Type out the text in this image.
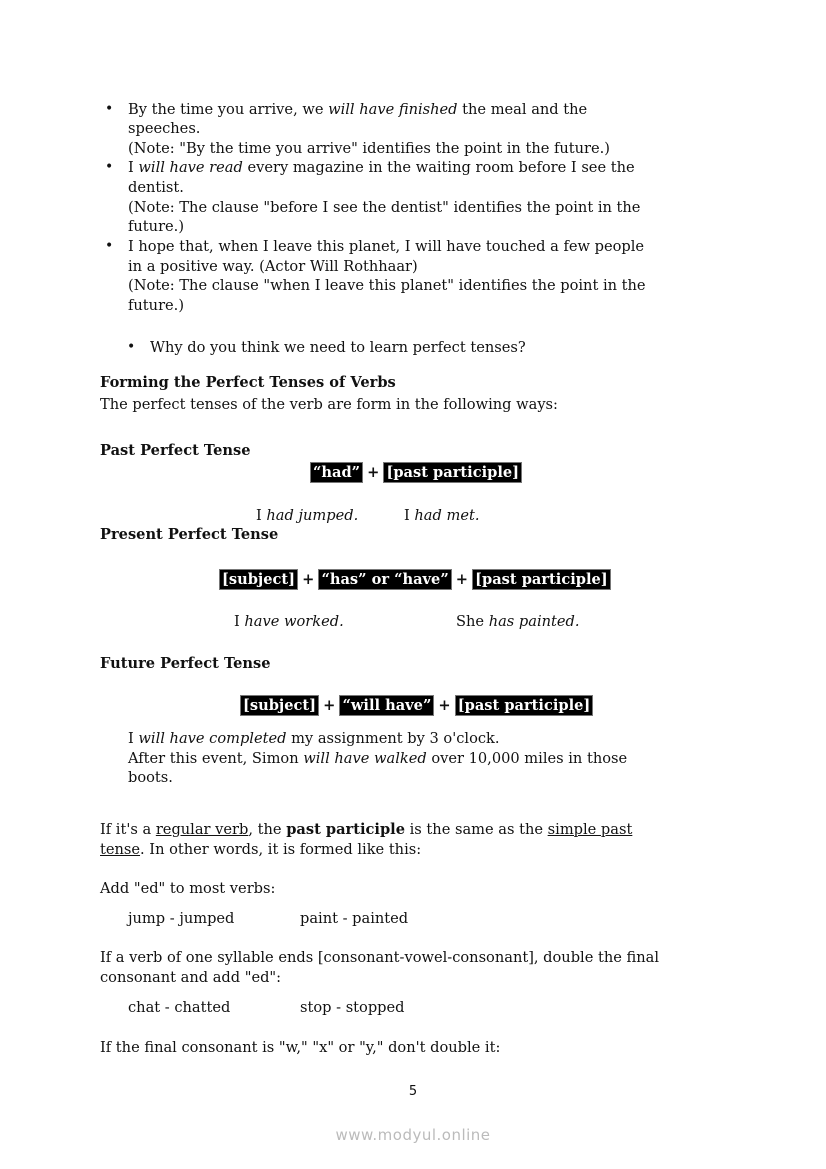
•
•
•
•
By the time you arrive, we will have finished the meal and the
speeches.
(Note: "By the time you arrive" identifies the point in the future.)
I will have read every magazine in the waiting room before I see the
dentist.
(Note: The clause "before I see the dentist" identifies the point in the
future.)
I hope that, when I leave this planet, I will have touched a few people
in a positive way. (Actor Will Rothhaar)
(Note: The clause "when I leave this planet" identifies the point in the
future.)
Why do you think we need to learn perfect tenses?
Forming the Perfect Tenses of Verbs
The perfect tenses of the verb are form in the following ways:
Past Perfect Tense
“had” + [past participle]
I had jumped.	I had met.
Present Perfect Tense
[subject] + “has” or “have” + [past participle]
I have worked.	She has painted.
Future Perfect Tense
[subject] + “will have” + [past participle]
I will have completed my assignment by 3 o'clock.
After this event, Simon will have walked over 10,000 miles in those
boots.
If it's a regular verb, the past participle is the same as the simple past
tense. In other words, it is formed like this:
Add "ed" to most verbs:
jump - jumped	paint - painted
If a verb of one syllable ends [consonant-vowel-consonant], double the final
consonant and add "ed":
chat - chatted	stop - stopped
If the final consonant is "w," "x" or "y," don't double it:
5
www.modyul.online
